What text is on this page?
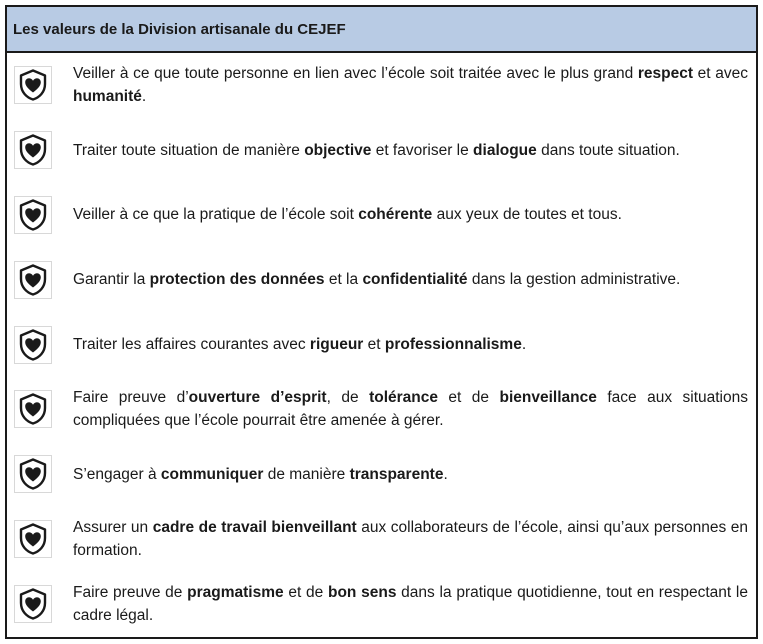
Les valeurs de la Division artisanale du CEJEF
Veiller à ce que toute personne en lien avec l’école soit traitée avec le plus grand respect et avec humanité.
Traiter toute situation de manière objective et favoriser le dialogue dans toute situation.
Veiller à ce que la pratique de l’école soit cohérente aux yeux de toutes et tous.
Garantir la protection des données et la confidentialité dans la gestion administrative.
Traiter les affaires courantes avec rigueur et professionnalisme.
Faire preuve d’ouverture d’esprit, de tolérance et de bienveillance face aux situations compliquées que l’école pourrait être amenée à gérer.
S’engager à communiquer de manière transparente.
Assurer un cadre de travail bienveillant aux collaborateurs de l’école, ainsi qu’aux personnes en formation.
Faire preuve de pragmatisme et de bon sens dans la pratique quotidienne, tout en respectant le cadre légal.
